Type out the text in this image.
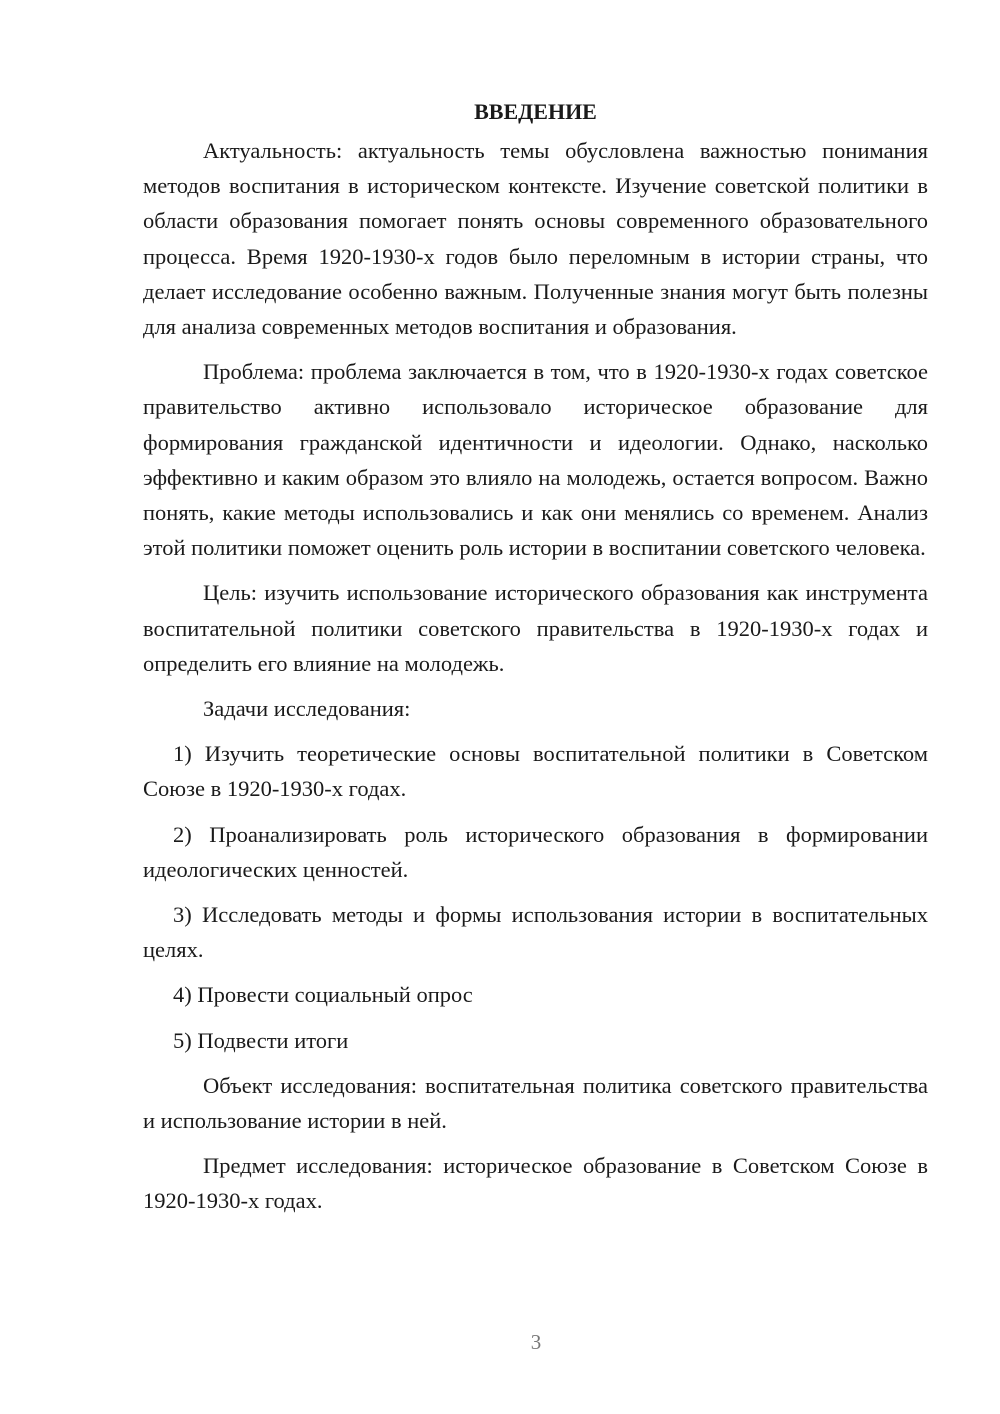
ВВЕДЕНИЕ

Актуальность: актуальность темы обусловлена важностью понимания методов воспитания в историческом контексте. Изучение советской политики в области образования помогает понять основы современного образовательного процесса. Время 1920-1930-х годов было переломным в истории страны, что делает исследование особенно важным. Полученные знания могут быть полезны для анализа современных методов воспитания и образования.

Проблема: проблема заключается в том, что в 1920-1930-х годах советское правительство активно использовало историческое образование для формирования гражданской идентичности и идеологии. Однако, насколько эффективно и каким образом это влияло на молодежь, остается вопросом. Важно понять, какие методы использовались и как они менялись со временем. Анализ этой политики поможет оценить роль истории в воспитании советского человека.

Цель: изучить использование исторического образования как инструмента воспитательной политики советского правительства в 1920-1930-х годах и определить его влияние на молодежь.

Задачи исследования:

1) Изучить теоретические основы воспитательной политики в Советском Союзе в 1920-1930-х годах.

2) Проанализировать роль исторического образования в формировании идеологических ценностей.

3) Исследовать методы и формы использования истории в воспитательных целях.

4) Провести социальный опрос

5) Подвести итоги

Объект исследования: воспитательная политика советского правительства и использование истории в ней.

Предмет исследования: историческое образование в Советском Союзе в 1920-1930-х годах.

3
